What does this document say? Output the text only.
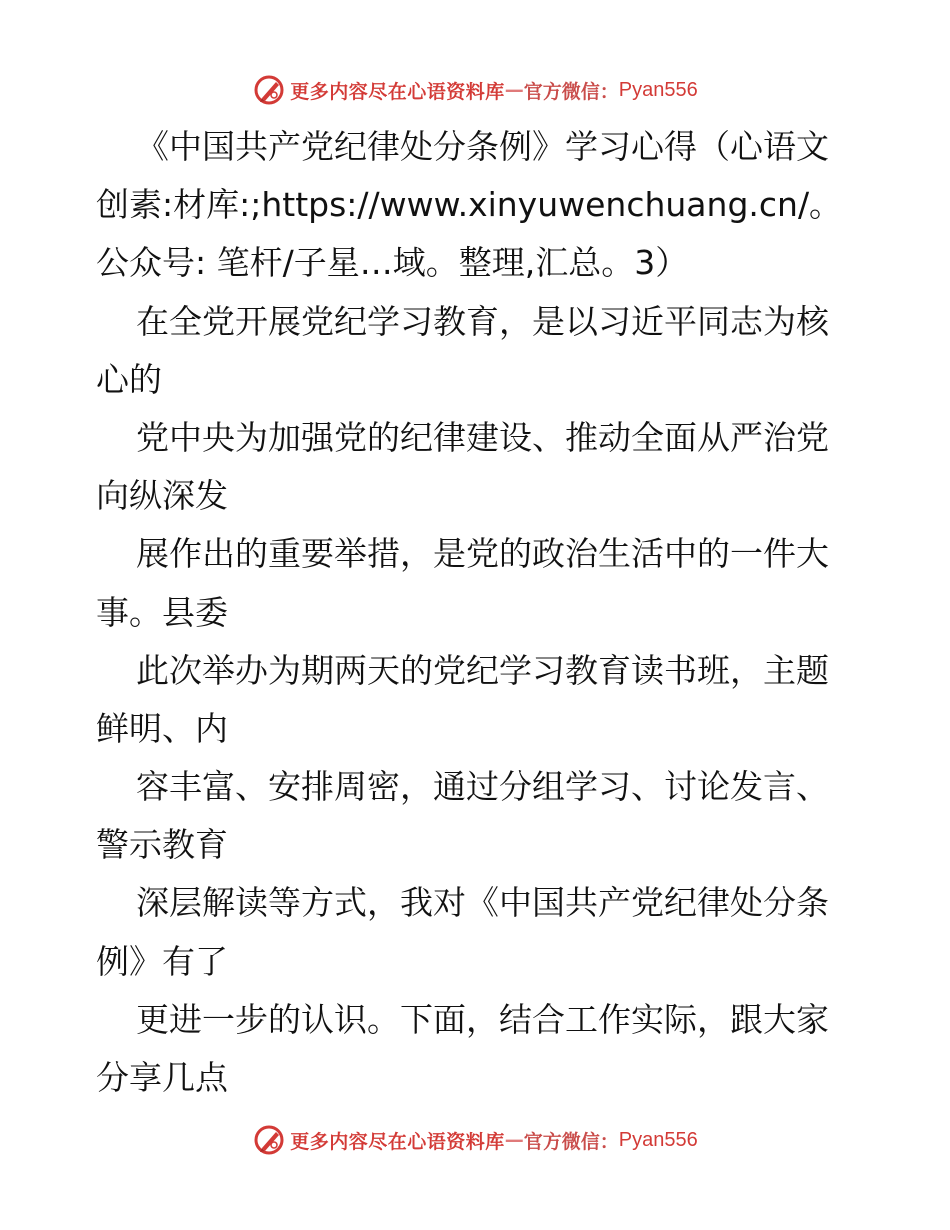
更多内容尽在心语资料库 — 官方微信： Pyan556
《中国共产党纪律处分条例》学习心得（心语文
创素:材库:;https://www.xinyuwenchuang.cn/。
公众号: 笔杆/子星…域。整理,汇总。3）
在全党开展党纪学习教育，是以习近平同志为核
心的
党中央为加强党的纪律建设、推动全面从严治党
向纵深发
展作出的重要举措，是党的政治生活中的一件大
事。县委
此次举办为期两天的党纪学习教育读书班，主题
鲜明、内
容丰富、安排周密，通过分组学习、讨论发言、
警示教育
深层解读等方式，我对《中国共产党纪律处分条
例》有了
更进一步的认识。下面，结合工作实际，跟大家
分享几点
更多内容尽在心语资料库 — 官方微信： Pyan556
